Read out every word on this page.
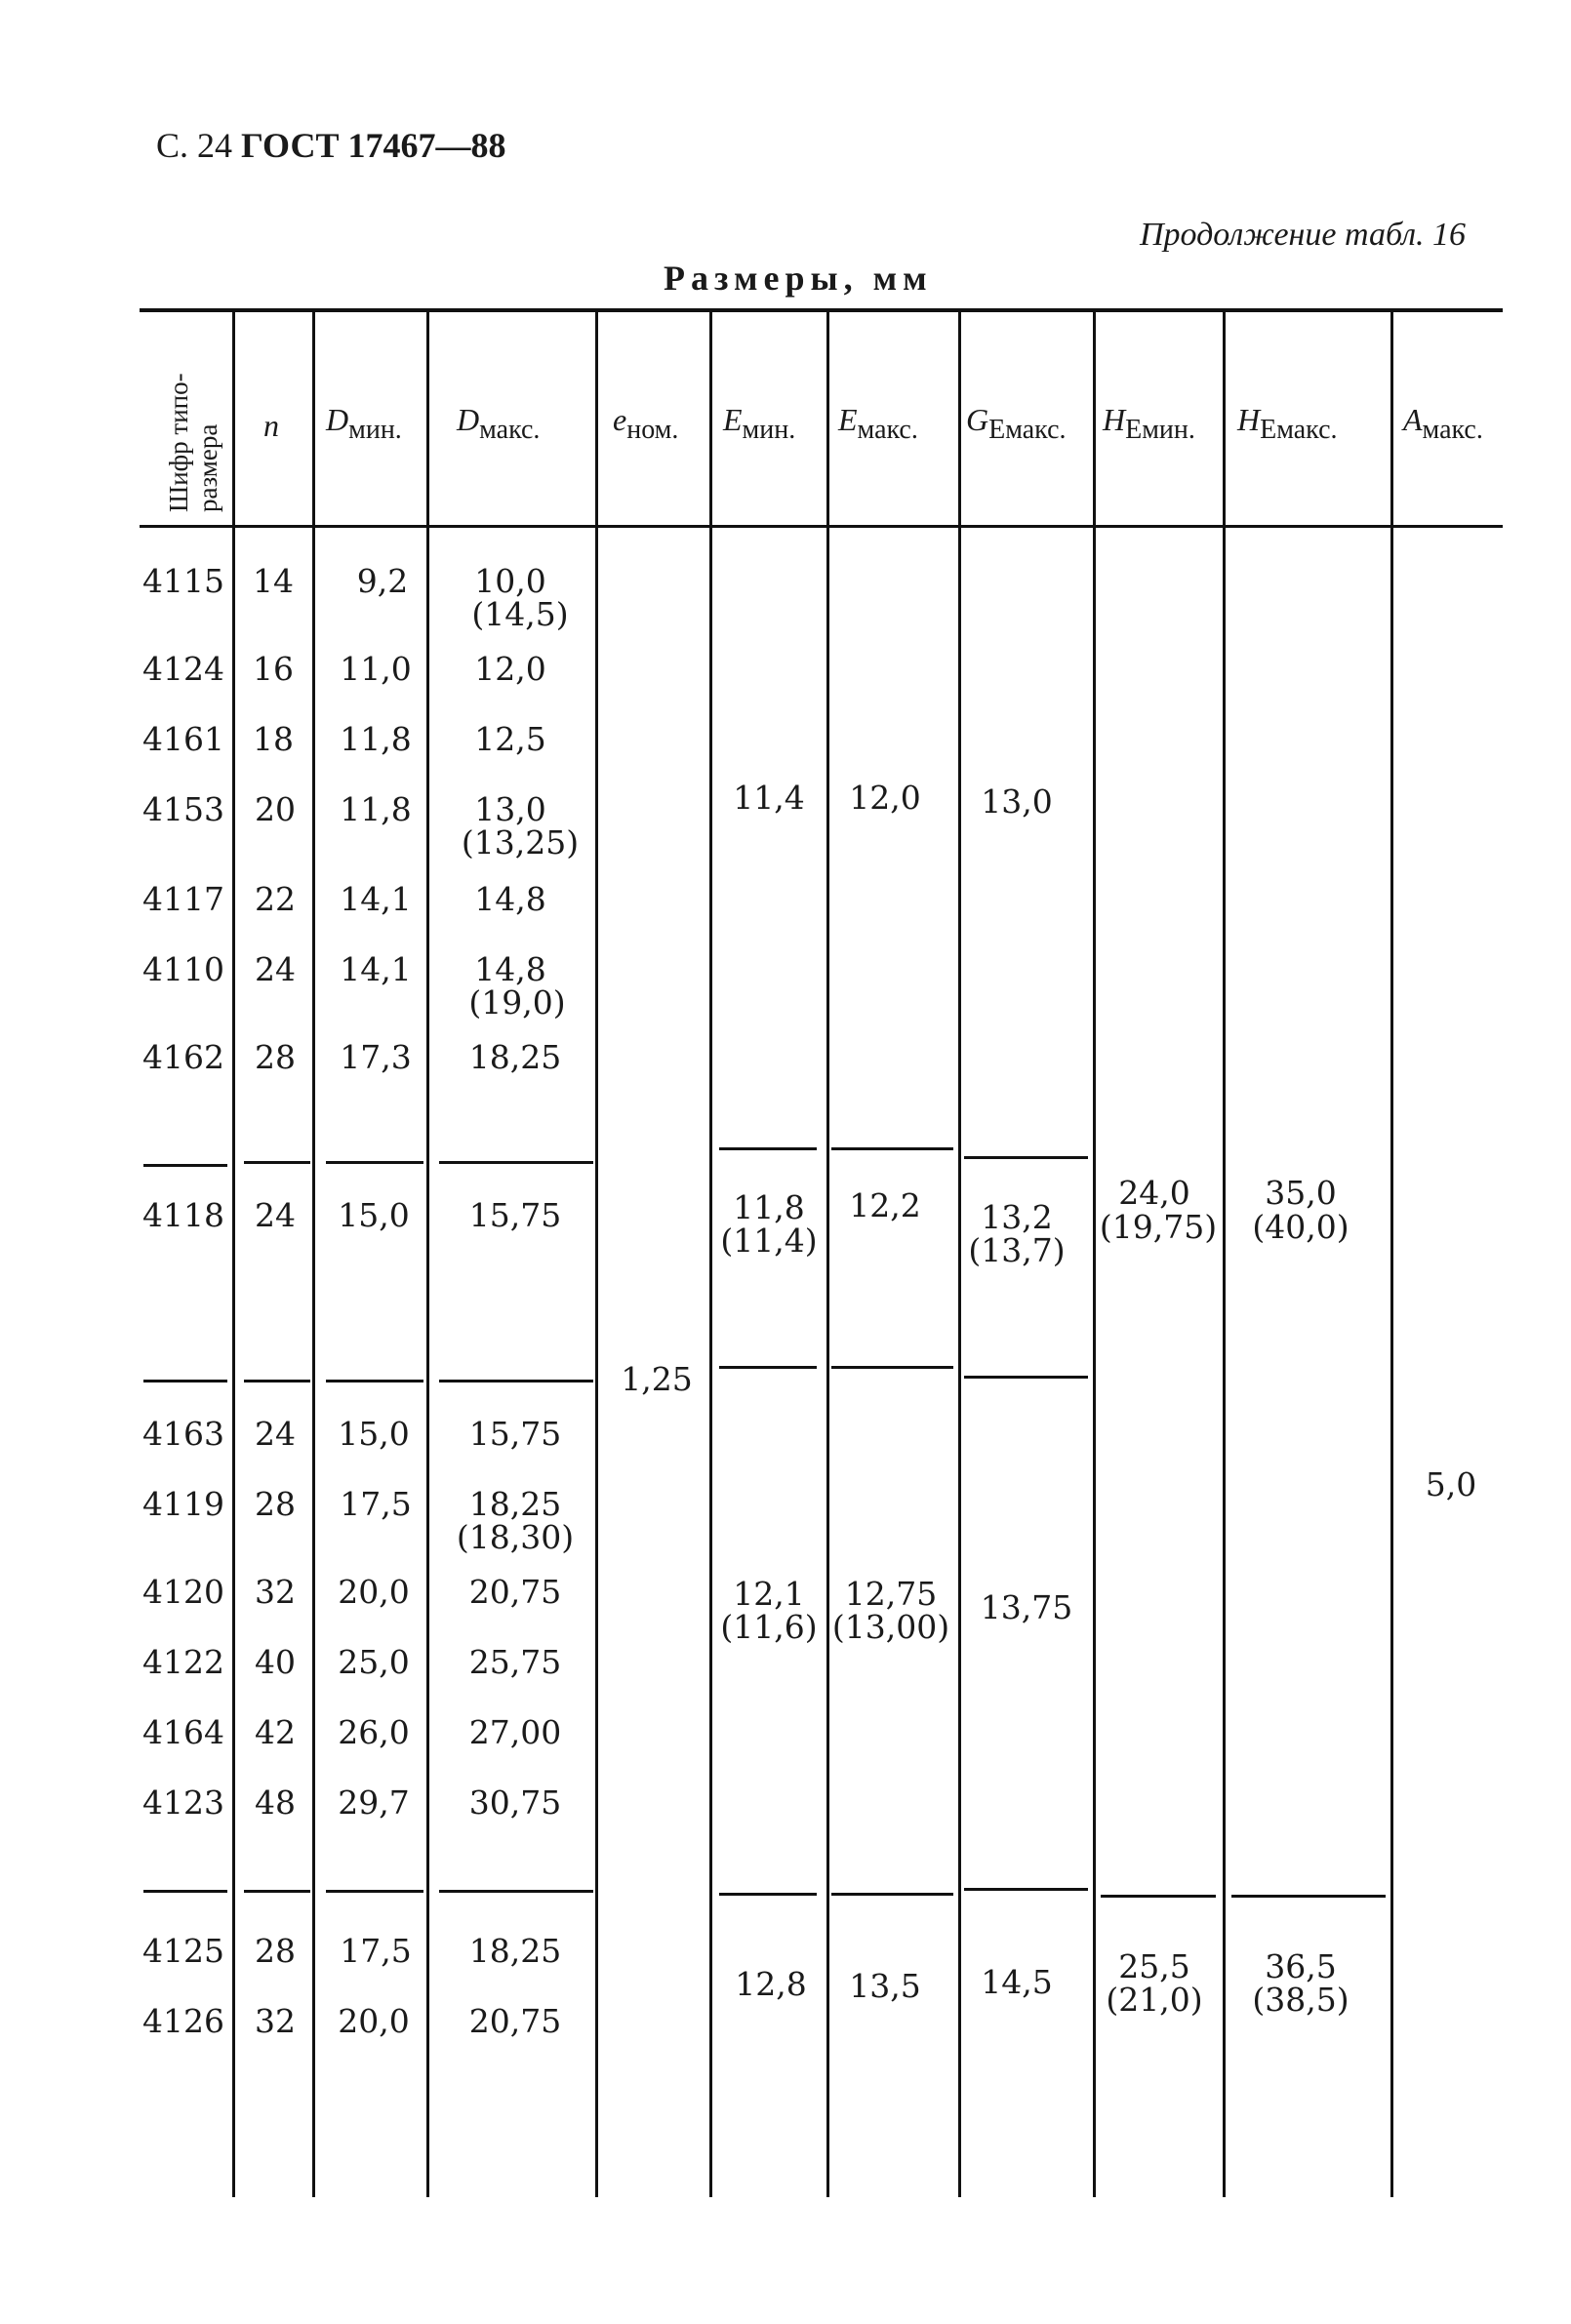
С. 24 ГОСТ 17467—88
Продолжение табл. 16
Размеры, мм
Шифр типо- размера n $D_{мин.}$ $D_{макс.}$ $e_{ном.}$ $E_{мин.}$ $E_{макс.}$ $G_{Eмакс.}$ $H_{Eмин.}$ $H_{Eмакс.}$ $A_{макс.}$
4115 14 9,2 10,0
(14,5)
4124 16 11,0 12,0
4161 18 11,8 12,5
4153 20 11,8 13,0
(13,25)
4117 22 14,1 14,8
4110 24 14,1 14,8
(19,0)
4162 28 17,3 18,25
4118 24 15,0 15,75
4163 24 15,0 15,75
4119 28 17,5 18,25
(18,30)
4120 32 20,0 20,75
4122 40 25,0 25,75
4164 42 26,0 27,00
4123 48 29,7 30,75
4125 28 17,5 18,25
4126 32 20,0 20,75
11,4 12,0 13,0
11,8
(11,4)
12,2 13,2
(13,7)
12,1
(11,6)
12,75
(13,00)
13,75
12,8 13,5 14,5
24,0
(19,75)
35,0
(40,0)
25,5
(21,0)
36,5
(38,5)
1,25
5,0
